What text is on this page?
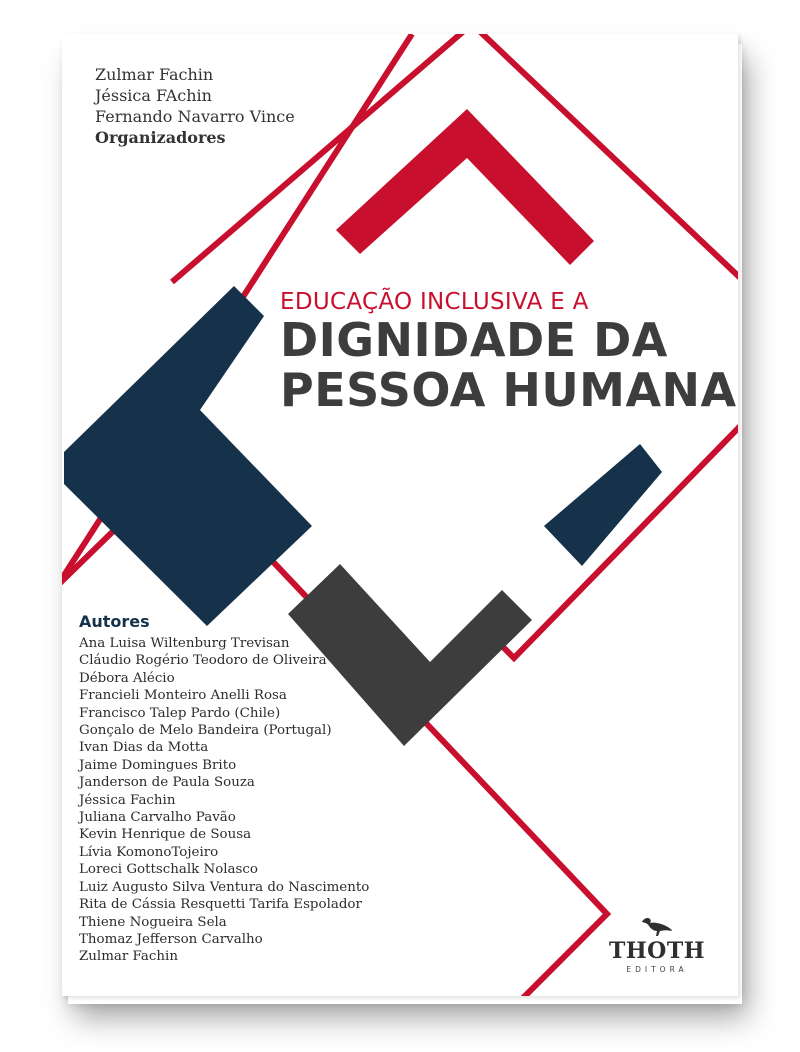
Zulmar Fachin
Jéssica FAchin
Fernando Navarro Vince
Organizadores
EDUCAÇÃO INCLUSIVA E A
DIGNIDADE DA
PESSOA HUMANA
Autores
Ana Luisa Wiltenburg Trevisan
Cláudio Rogério Teodoro de Oliveira
Débora Alécio
Francieli Monteiro Anelli Rosa
Francisco Talep Pardo (Chile)
Gonçalo de Melo Bandeira (Portugal)
Ivan Dias da Motta
Jaime Domingues Brito
Janderson de Paula Souza
Jéssica Fachin
Juliana Carvalho Pavão
Kevin Henrique de Sousa
Lívia KomonoTojeiro
Loreci Gottschalk Nolasco
Luiz Augusto Silva Ventura do Nascimento
Rita de Cássia Resquetti Tarifa Espolador
Thiene Nogueira Sela
Thomaz Jefferson Carvalho
Zulmar Fachin	THOTH
EDITORA
